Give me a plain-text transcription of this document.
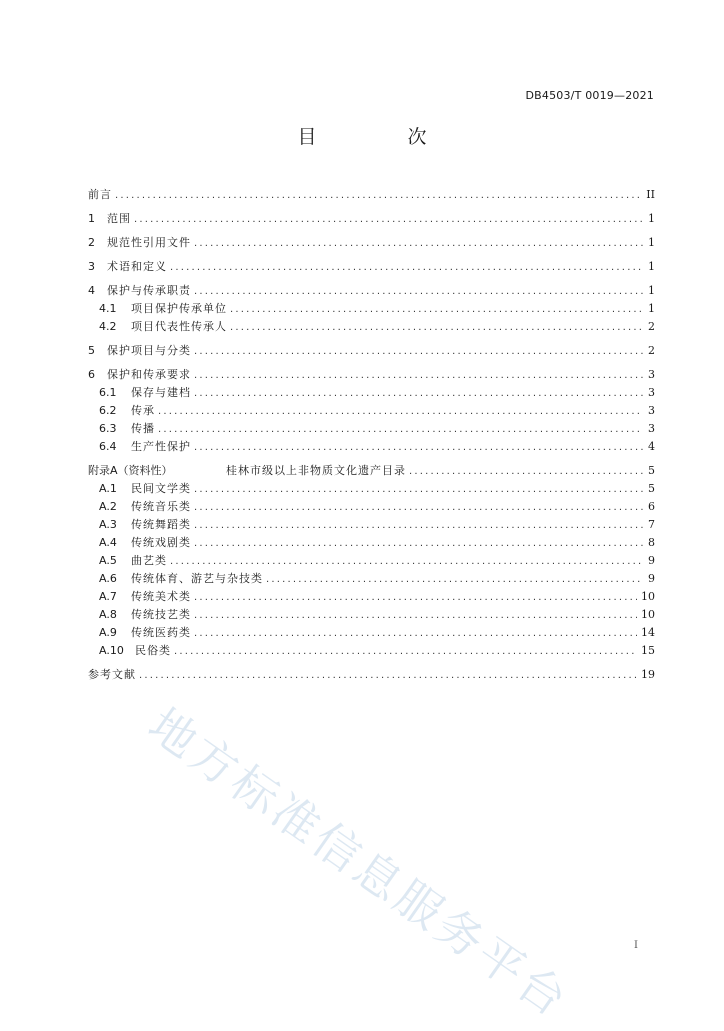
DB4503/T 0019—2021
目　次
前言 .....	II
1	范围 .....	1
2	规范性引用文件 .....	1
3	术语和定义 .....	1
4	保护与传承职责 .....	1
4.1	项目保护传承单位 .....	1
4.2	项目代表性传承人 .....	2
5	保护项目与分类 .....	2
6	保护和传承要求 .....	3
6.1	保存与建档 .....	3
6.2	传承 .....	3
6.3	传播 .....	3
6.4	生产性保护 .....	4
附录A（资料性）	桂林市级以上非物质文化遗产目录 .....	5
A.1	民间文学类 .....	5
A.2	传统音乐类 .....	6
A.3	传统舞蹈类 .....	7
A.4	传统戏剧类 .....	8
A.5	曲艺类 .....	9
A.6	传统体育、游艺与杂技类 .....	9
A.7	传统美术类 .....	10
A.8	传统技艺类 .....	10
A.9	传统医药类 .....	14
A.10	民俗类 .....	15
参考文献 .....	19
I
地方标准信息服务平台
